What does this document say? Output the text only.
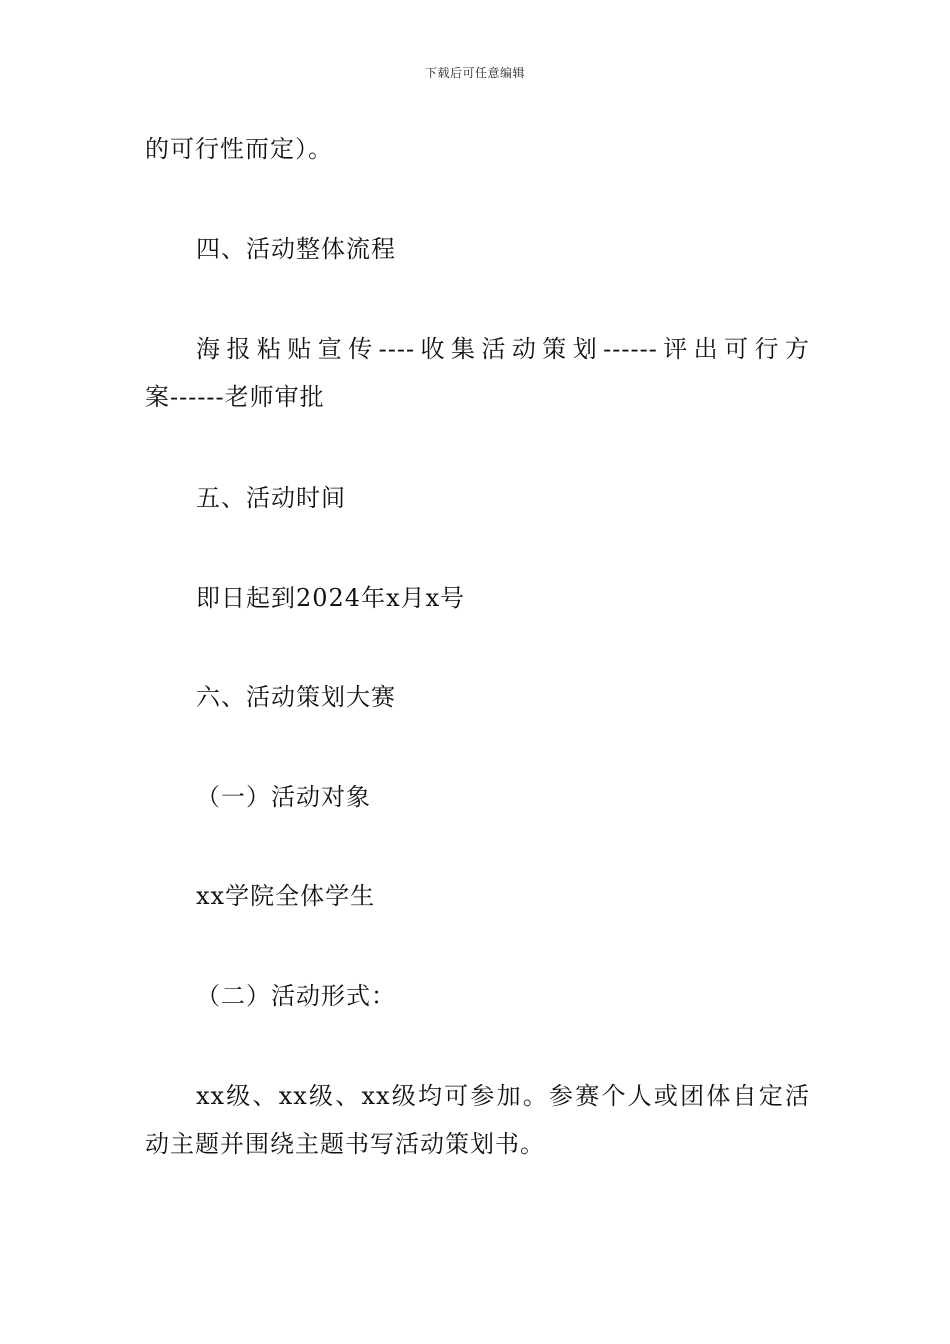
下载后可任意编辑
的可行性而定）。
四、活动整体流程
海报粘贴宣传----收集活动策划------评出可行方
案------老师审批
五、活动时间
即日起到2024年x月x号
六、活动策划大赛
（一）活动对象
xx学院全体学生
（二）活动形式：
xx级、xx级、xx级均可参加。参赛个人或团体自定活
动主题并围绕主题书写活动策划书。
